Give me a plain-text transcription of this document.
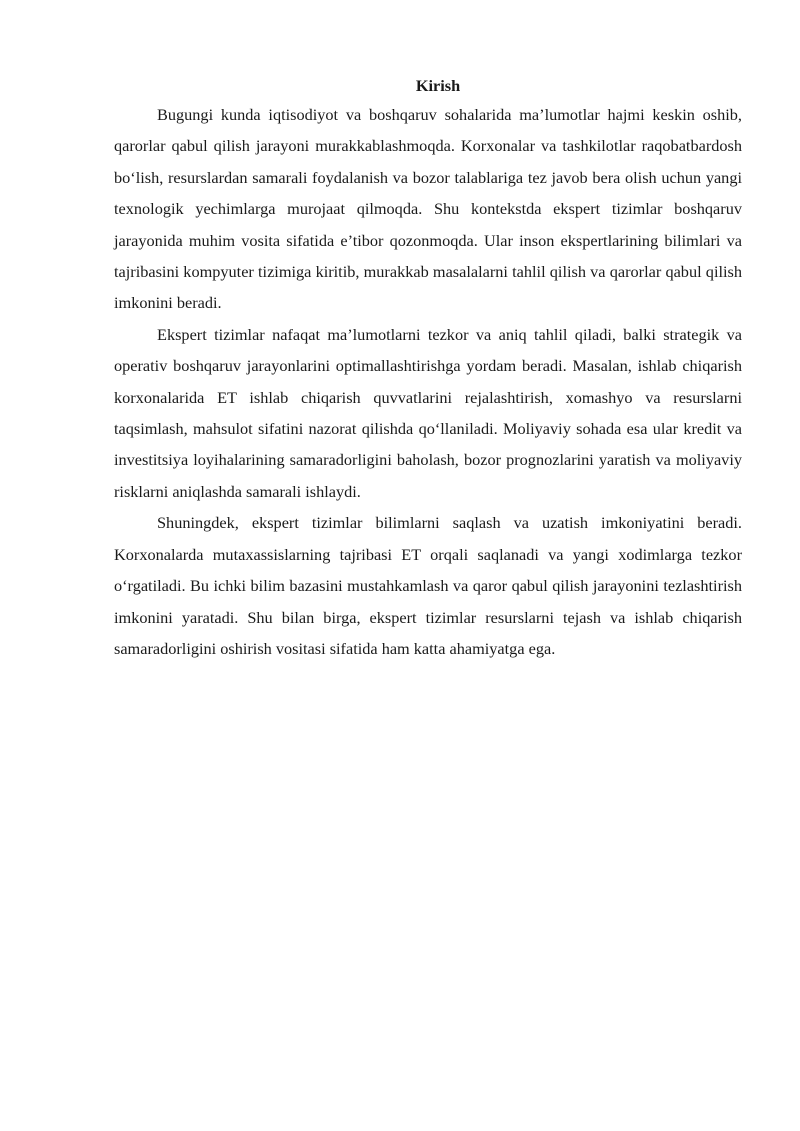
Kirish

Bugungi kunda iqtisodiyot va boshqaruv sohalarida ma’lumotlar hajmi keskin oshib, qarorlar qabul qilish jarayoni murakkablashmoqda. Korxonalar va tashkilotlar raqobatbardosh bo‘lish, resurslardan samarali foydalanish va bozor talablariga tez javob bera olish uchun yangi texnologik yechimlarga murojaat qilmoqda. Shu kontekstda ekspert tizimlar boshqaruv jarayonida muhim vosita sifatida e’tibor qozonmoqda. Ular inson ekspertlarining bilimlari va tajribasini kompyuter tizimiga kiritib, murakkab masalalarni tahlil qilish va qarorlar qabul qilish imkonini beradi.

Ekspert tizimlar nafaqat ma’lumotlarni tezkor va aniq tahlil qiladi, balki strategik va operativ boshqaruv jarayonlarini optimallashtirishga yordam beradi. Masalan, ishlab chiqarish korxonalarida ET ishlab chiqarish quvvatlarini rejalashtirish, xomashyo va resurslarni taqsimlash, mahsulot sifatini nazorat qilishda qo‘llaniladi. Moliyaviy sohada esa ular kredit va investitsiya loyihalarining samaradorligini baholash, bozor prognozlarini yaratish va moliyaviy risklarni aniqlashda samarali ishlaydi.

Shuningdek, ekspert tizimlar bilimlarni saqlash va uzatish imkoniyatini beradi. Korxonalarda mutaxassislarning tajribasi ET orqali saqlanadi va yangi xodimlarga tezkor o‘rgatiladi. Bu ichki bilim bazasini mustahkamlash va qaror qabul qilish jarayonini tezlashtirish imkonini yaratadi. Shu bilan birga, ekspert tizimlar resurslarni tejash va ishlab chiqarish samaradorligini oshirish vositasi sifatida ham katta ahamiyatga ega.
